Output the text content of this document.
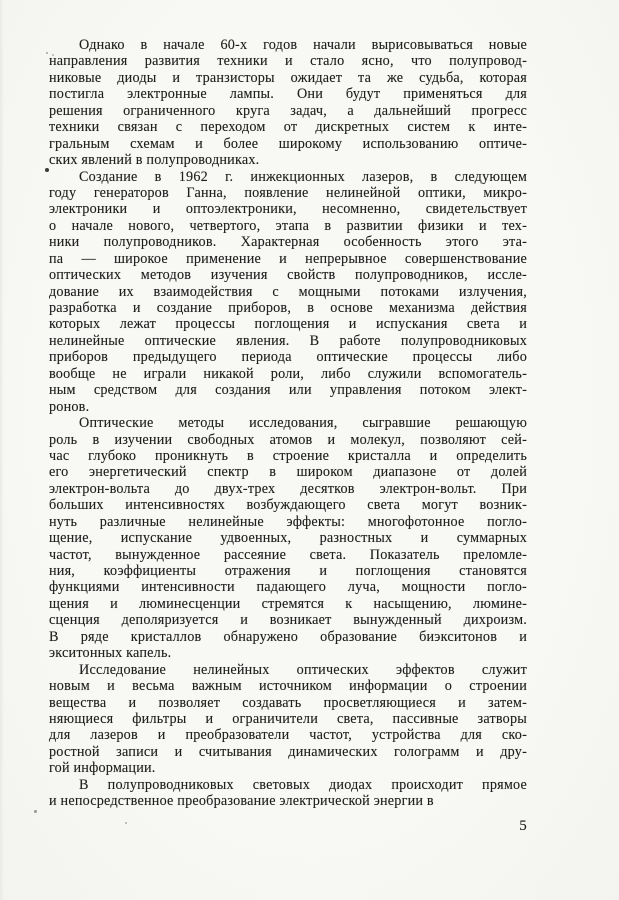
Однако в начале 60-х годов начали вырисовываться новые
направления развития техники и стало ясно, что полупровод-
никовые диоды и транзисторы ожидает та же судьба, которая
постигла электронные лампы. Они будут применяться для
решения ограниченного круга задач, а дальнейший прогресс
техники связан с переходом от дискретных систем к инте-
гральным схемам и более широкому использованию оптиче-
ских явлений в полупроводниках.
Создание в 1962 г. инжекционных лазеров, в следующем
году генераторов Ганна, появление нелинейной оптики, микро-
электроники и оптоэлектроники, несомненно, свидетельствует
о начале нового, четвертого, этапа в развитии физики и тех-
ники полупроводников. Характерная особенность этого эта-
па — широкое применение и непрерывное совершенствование
оптических методов изучения свойств полупроводников, иссле-
дование их взаимодействия с мощными потоками излучения,
разработка и создание приборов, в основе механизма действия
которых лежат процессы поглощения и испускания света и
нелинейные оптические явления. В работе полупроводниковых
приборов предыдущего периода оптические процессы либо
вообще не играли никакой роли, либо служили вспомогатель-
ным средством для создания или управления потоком элект-
ронов.
Оптические методы исследования, сыгравшие решающую
роль в изучении свободных атомов и молекул, позволяют сей-
час глубоко проникнуть в строение кристалла и определить
его энергетический спектр в широком диапазоне от долей
электрон-вольта до двух-трех десятков электрон-вольт. При
больших интенсивностях возбуждающего света могут возник-
нуть различные нелинейные эффекты: многофотонное погло-
щение, испускание удвоенных, разностных и суммарных
частот, вынужденное рассеяние света. Показатель преломле-
ния, коэффициенты отражения и поглощения становятся
функциями интенсивности падающего луча, мощности погло-
щения и люминесценции стремятся к насыщению, люмине-
сценция деполяризуется и возникает вынужденный дихроизм.
В ряде кристаллов обнаружено образование биэкситонов и
экситонных капель.
Исследование нелинейных оптических эффектов служит
новым и весьма важным источником информации о строении
вещества и позволяет создавать просветляющиеся и затем-
няющиеся фильтры и ограничители света, пассивные затворы
для лазеров и преобразователи частот, устройства для ско-
ростной записи и считывания динамических голограмм и дру-
гой информации.
В полупроводниковых световых диодах происходит прямое
и непосредственное преобразование электрической энергии в
5
